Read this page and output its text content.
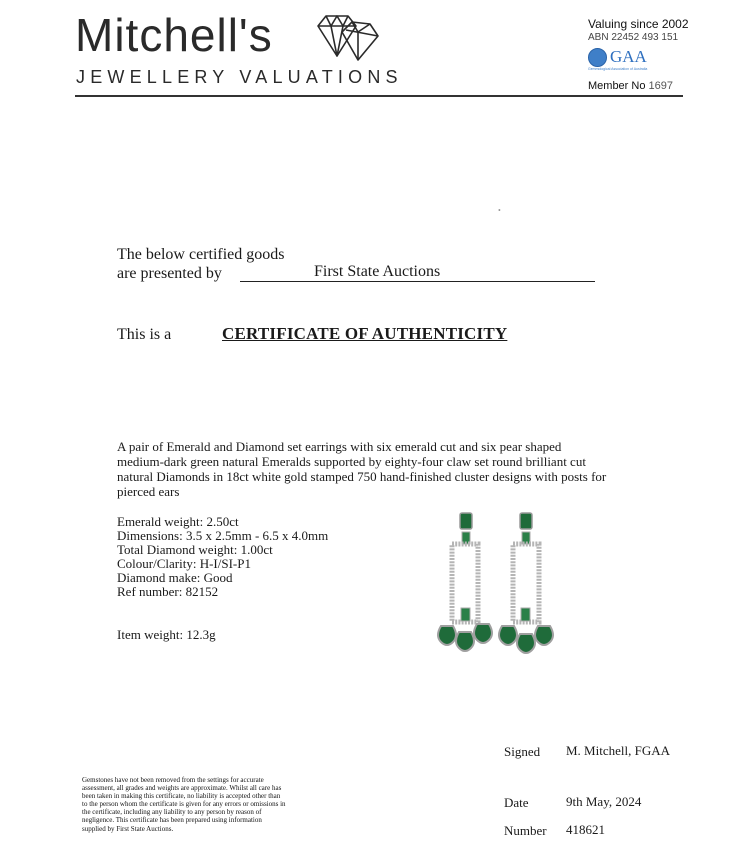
Mitchell's
JEWELLERY VALUATIONS
Valuing since 2002
ABN 22452 493 151
GAA
Gemmological Association of Australia
Member No 1697
•
The below certified goods
are presented by	First State Auctions
This is a	CERTIFICATE OF AUTHENTICITY
A pair of Emerald and Diamond set earrings with six emerald cut and six pear shaped medium-dark green natural Emeralds supported by eighty-four claw set round brilliant cut natural Diamonds in 18ct white gold stamped 750 hand-finished cluster designs with posts for pierced ears
Emerald weight: 2.50ct
Dimensions: 3.5 x 2.5mm - 6.5 x 4.0mm
Total Diamond weight: 1.00ct
Colour/Clarity: H-I/SI-P1
Diamond make: Good
Ref number: 82152
Item weight: 12.3g
Signed M. Mitchell, FGAA
Date	9th May, 2024
Number 418621
Gemstones have not been removed from the settings for accurate assessment, all grades and weights are approximate. Whilst all care has been taken in making this certificate, no liability is accepted other than to the person whom the certificate is given for any errors or omissions in the certificate, including any liability to any person by reason of negligence. This certificate has been prepared using information supplied by First State Auctions.
